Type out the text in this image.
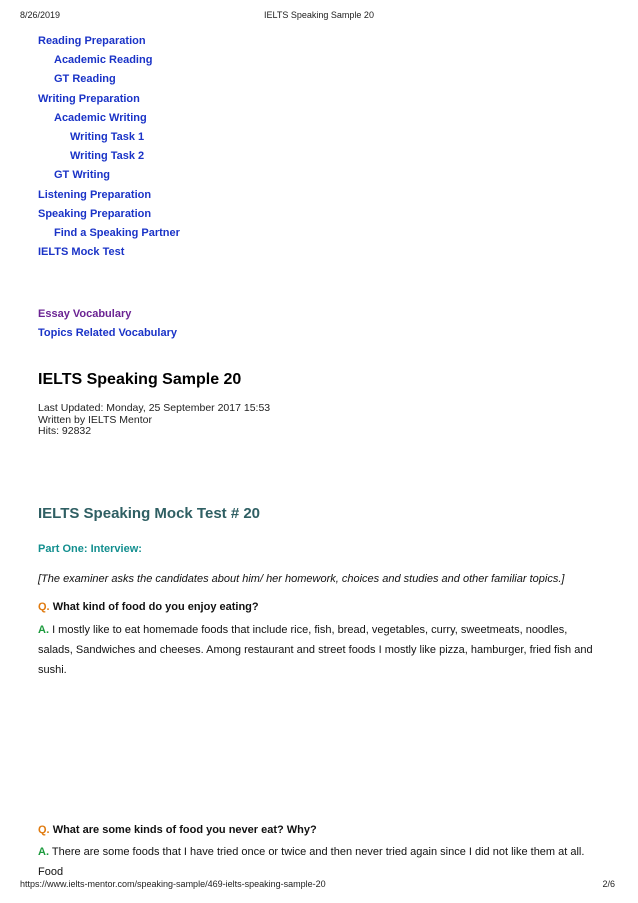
8/26/2019	IELTS Speaking Sample 20
Reading Preparation
Academic Reading
GT Reading
Writing Preparation
Academic Writing
Writing Task 1
Writing Task 2
GT Writing
Listening Preparation
Speaking Preparation
Find a Speaking Partner
IELTS Mock Test
Essay Vocabulary
Topics Related Vocabulary
IELTS Speaking Sample 20
Last Updated: Monday, 25 September 2017 15:53
Written by IELTS Mentor
Hits: 92832
IELTS Speaking Mock Test # 20
Part One: Interview:
[The examiner asks the candidates about him/ her homework, choices and studies and other familiar topics.]
Q. What kind of food do you enjoy eating?
A. I mostly like to eat homemade foods that include rice, fish, bread, vegetables, curry, sweetmeats, noodles, salads, Sandwiches and cheeses. Among restaurant and street foods I mostly like pizza, hamburger, fried fish and sushi.
Q. What are some kinds of food you never eat? Why?
A. There are some foods that I have tried once or twice and then never tried again since I did not like them at all. Food
https://www.ielts-mentor.com/speaking-sample/469-ielts-speaking-sample-20	2/6
